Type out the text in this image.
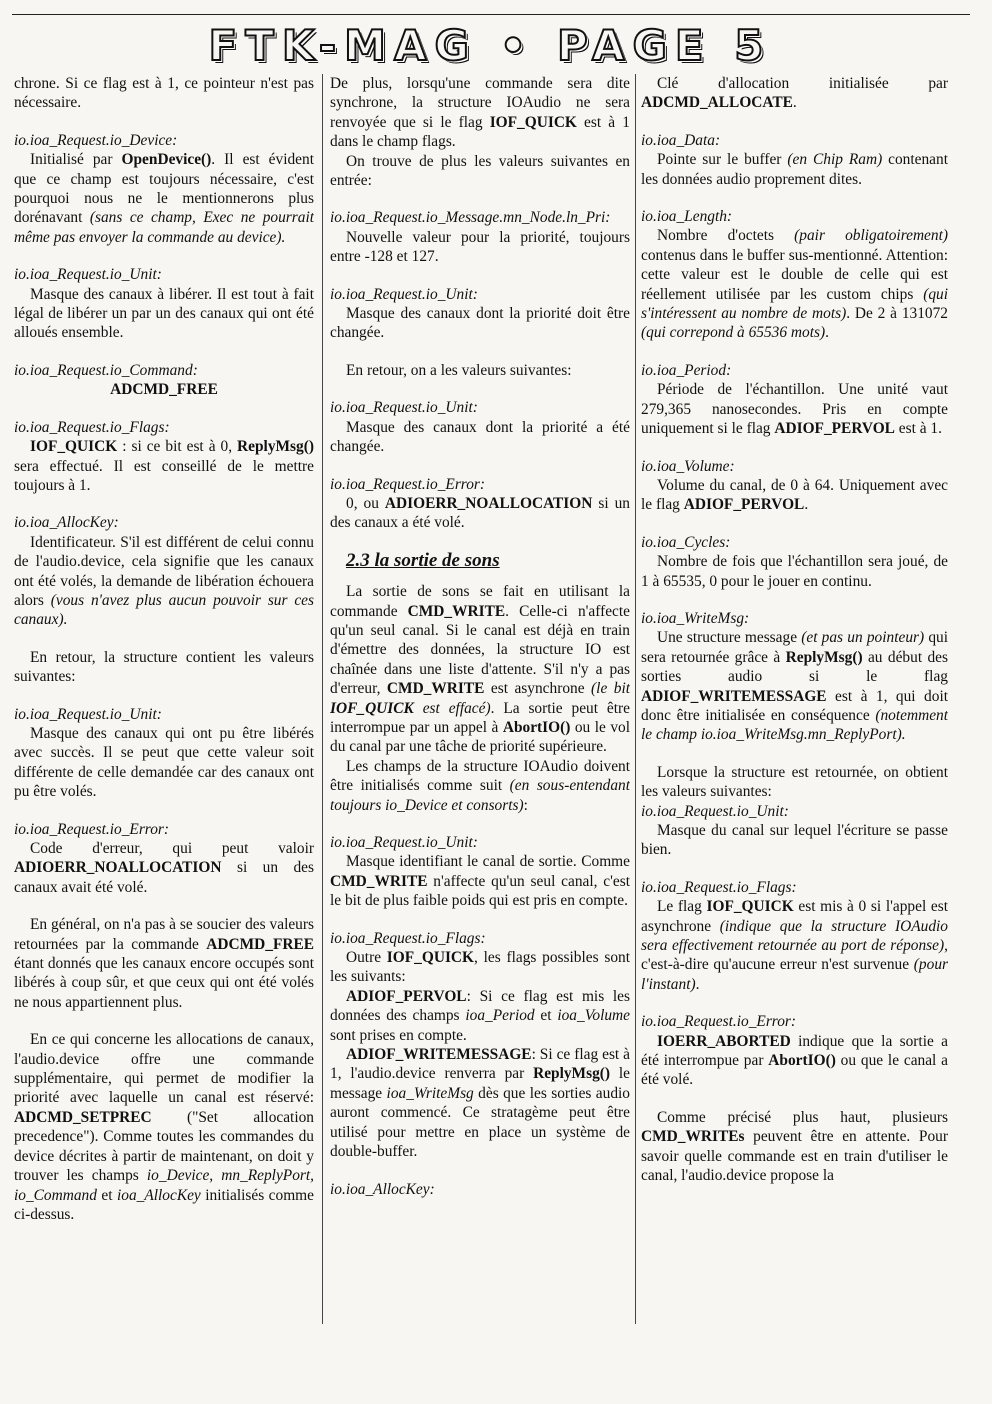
FTK-MAG • PAGE 5

chrone. Si ce flag est à 1, ce pointeur n'est pas nécessaire.

io.ioa_Request.io_Device:

Initialisé par OpenDevice(). Il est évident que ce champ est toujours nécessaire, c'est pourquoi nous ne le mentionnerons plus dorénavant (sans ce champ, Exec ne pourrait même pas envoyer la commande au device).

io.ioa_Request.io_Unit:

Masque des canaux à libérer. Il est tout à fait légal de libérer un par un des canaux qui ont été alloués ensemble.

io.ioa_Request.io_Command:

ADCMD_FREE

io.ioa_Request.io_Flags:

IOF_QUICK : si ce bit est à 0, ReplyMsg() sera effectué. Il est conseillé de le mettre toujours à 1.

io.ioa_AllocKey:

Identificateur. S'il est différent de celui connu de l'audio.device, cela signifie que les canaux ont été volés, la demande de libération échouera alors (vous n'avez plus aucun pouvoir sur ces canaux).

En retour, la structure contient les valeurs suivantes:

io.ioa_Request.io_Unit:

Masque des canaux qui ont pu être libérés avec succès. Il se peut que cette valeur soit différente de celle demandée car des canaux ont pu être volés.

io.ioa_Request.io_Error:

Code d'erreur, qui peut valoir ADIOERR_NOALLOCATION si un des canaux avait été volé.

En général, on n'a pas à se soucier des valeurs retournées par la commande ADCMD_FREE étant donnés que les canaux encore occupés sont libérés à coup sûr, et que ceux qui ont été volés ne nous appartiennent plus.

En ce qui concerne les allocations de canaux, l'audio.device offre une commande supplémentaire, qui permet de modifier la priorité avec laquelle un canal est réservé: ADCMD_SETPREC ("Set allocation precedence"). Comme toutes les commandes du device décrites à partir de maintenant, on doit y trouver les champs io_Device, mn_ReplyPort, io_Command et ioa_AllocKey initialisés comme ci-dessus.

De plus, lorsqu'une commande sera dite synchrone, la structure IOAudio ne sera renvoyée que si le flag IOF_QUICK est à 1 dans le champ flags.

On trouve de plus les valeurs suivantes en entrée:

io.ioa_Request.io_Message.mn_Node.ln_Pri:

Nouvelle valeur pour la priorité, toujours entre -128 et 127.

io.ioa_Request.io_Unit:

Masque des canaux dont la priorité doit être changée.

En retour, on a les valeurs suivantes:

io.ioa_Request.io_Unit:

Masque des canaux dont la priorité a été changée.

io.ioa_Request.io_Error:

0, ou ADIOERR_NOALLOCATION si un des canaux a été volé.

2.3 la sortie de sons

La sortie de sons se fait en utilisant la commande CMD_WRITE. Celle-ci n'affecte qu'un seul canal. Si le canal est déjà en train d'émettre des données, la structure IO est chaînée dans une liste d'attente. S'il n'y a pas d'erreur, CMD_WRITE est asynchrone (le bit IOF_QUICK est effacé). La sortie peut être interrompue par un appel à AbortIO() ou le vol du canal par une tâche de priorité supérieure.

Les champs de la structure IOAudio doivent être initialisés comme suit (en sous-entendant toujours io_Device et consorts):

io.ioa_Request.io_Unit:

Masque identifiant le canal de sortie. Comme CMD_WRITE n'affecte qu'un seul canal, c'est le bit de plus faible poids qui est pris en compte.

io.ioa_Request.io_Flags:

Outre IOF_QUICK, les flags possibles sont les suivants:

ADIOF_PERVOL: Si ce flag est mis les données des champs ioa_Period et ioa_Volume sont prises en compte.

ADIOF_WRITEMESSAGE: Si ce flag est à 1, l'audio.device renverra par ReplyMsg() le message ioa_WriteMsg dès que les sorties audio auront commencé. Ce stratagème peut être utilisé pour mettre en place un système de double-buffer.

io.ioa_AllocKey:

Clé d'allocation initialisée par ADCMD_ALLOCATE.

io.ioa_Data:

Pointe sur le buffer (en Chip Ram) contenant les données audio proprement dites.

io.ioa_Length:

Nombre d'octets (pair obligatoirement) contenus dans le buffer sus-mentionné. Attention: cette valeur est le double de celle qui est réellement utilisée par les custom chips (qui s'intéressent au nombre de mots). De 2 à 131072 (qui correpond à 65536 mots).

io.ioa_Period:

Période de l'échantillon. Une unité vaut 279,365 nanosecondes. Pris en compte uniquement si le flag ADIOF_PERVOL est à 1.

io.ioa_Volume:

Volume du canal, de 0 à 64. Uniquement avec le flag ADIOF_PERVOL.

io.ioa_Cycles:

Nombre de fois que l'échantillon sera joué, de 1 à 65535, 0 pour le jouer en continu.

io.ioa_WriteMsg:

Une structure message (et pas un pointeur) qui sera retournée grâce à ReplyMsg() au début des sorties audio si le flag ADIOF_WRITEMESSAGE est à 1, qui doit donc être initialisée en conséquence (notemment le champ io.ioa_WriteMsg.mn_ReplyPort).

Lorsque la structure est retournée, on obtient les valeurs suivantes:

io.ioa_Request.io_Unit:

Masque du canal sur lequel l'écriture se passe bien.

io.ioa_Request.io_Flags:

Le flag IOF_QUICK est mis à 0 si l'appel est asynchrone (indique que la structure IOAudio sera effectivement retournée au port de réponse), c'est-à-dire qu'aucune erreur n'est survenue (pour l'instant).

io.ioa_Request.io_Error:

IOERR_ABORTED indique que la sortie a été interrompue par AbortIO() ou que le canal a été volé.

Comme précisé plus haut, plusieurs CMD_WRITEs peuvent être en attente. Pour savoir quelle commande est en train d'utiliser le canal, l'audio.device propose la
